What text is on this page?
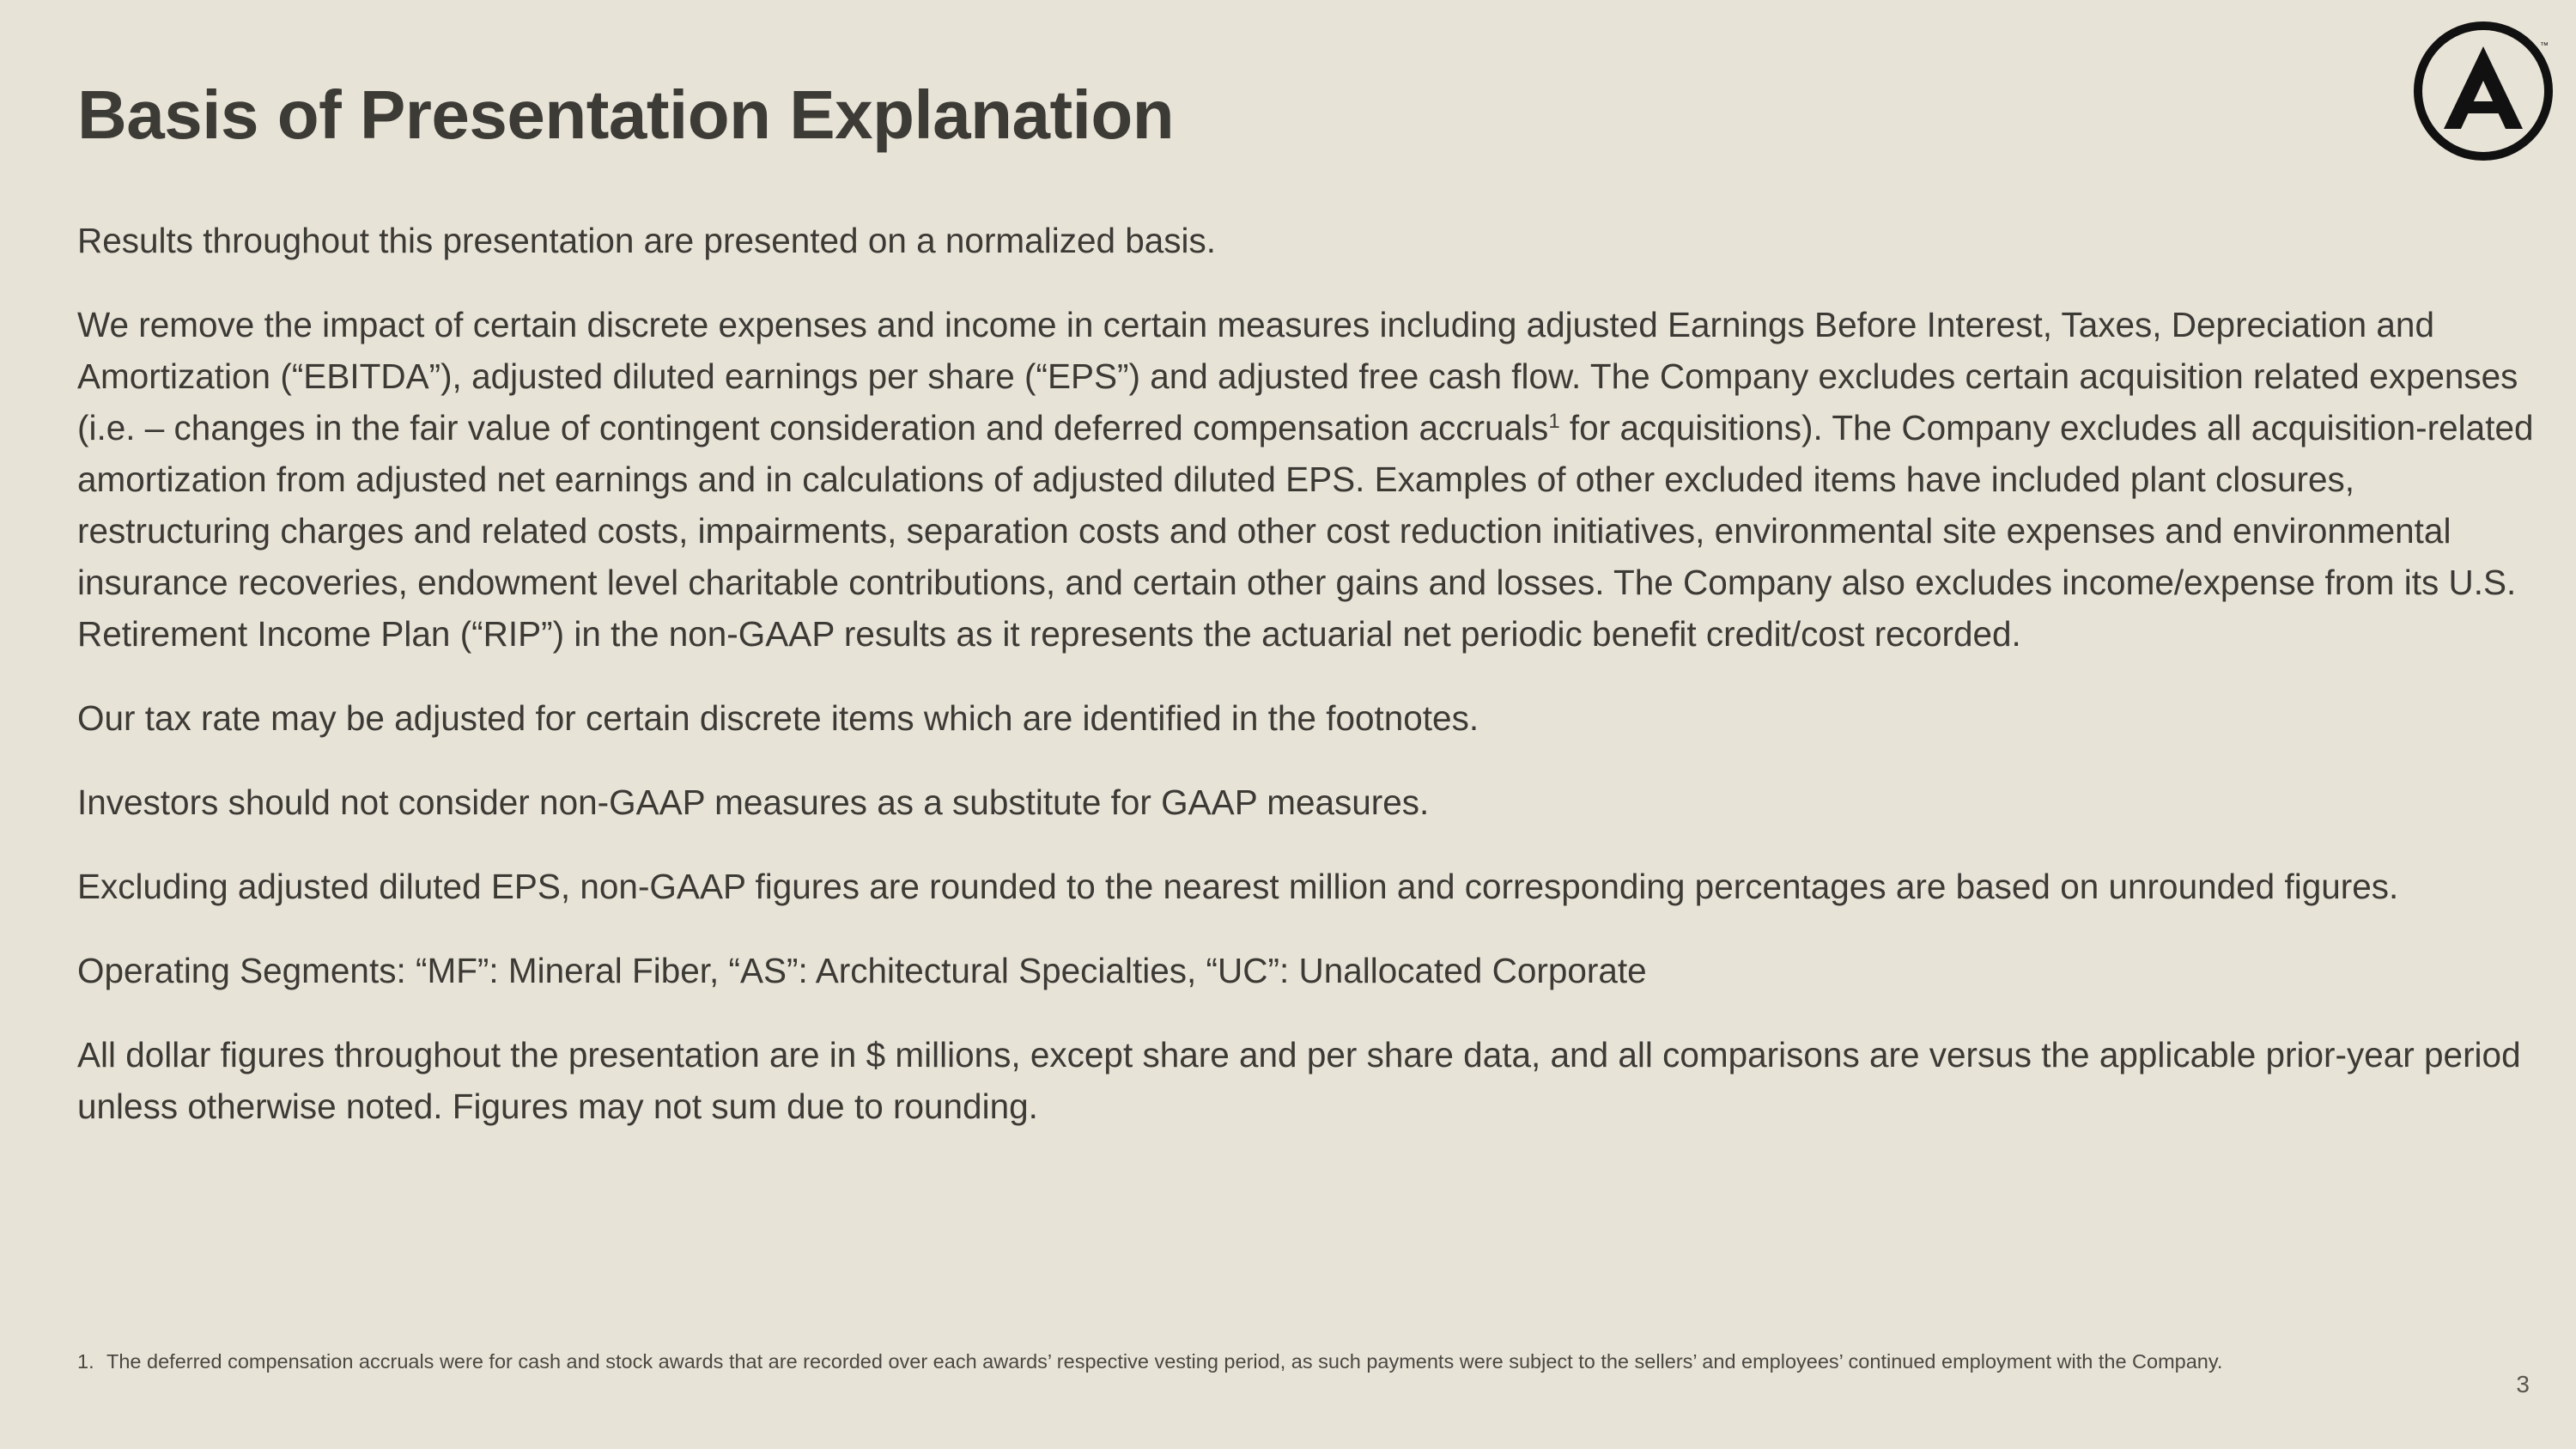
Basis of Presentation Explanation
™

Results throughout this presentation are presented on a normalized basis.

We remove the impact of certain discrete expenses and income in certain measures including adjusted Earnings Before Interest, Taxes, Depreciation and Amortization (“EBITDA”), adjusted diluted earnings per share (“EPS”) and adjusted free cash flow. The Company excludes certain acquisition related expenses (i.e. – changes in the fair value of contingent consideration and deferred compensation accruals$^1$ for acquisitions). The Company excludes all acquisition-related amortization from adjusted net earnings and in calculations of adjusted diluted EPS. Examples of other excluded items have included plant closures, restructuring charges and related costs, impairments, separation costs and other cost reduction initiatives, environmental site expenses and environmental insurance recoveries, endowment level charitable contributions, and certain other gains and losses. The Company also excludes income/expense from its U.S. Retirement Income Plan (“RIP”) in the non-GAAP results as it represents the actuarial net periodic benefit credit/cost recorded.

Our tax rate may be adjusted for certain discrete items which are identified in the footnotes.

Investors should not consider non-GAAP measures as a substitute for GAAP measures.

Excluding adjusted diluted EPS, non-GAAP figures are rounded to the nearest million and corresponding percentages are based on unrounded figures.

Operating Segments: “MF”: Mineral Fiber, “AS”: Architectural Specialties, “UC”: Unallocated Corporate

All dollar figures throughout the presentation are in $ millions, except share and per share data, and all comparisons are versus the applicable prior-year period unless otherwise noted. Figures may not sum due to rounding.

1. The deferred compensation accruals were for cash and stock awards that are recorded over each awards’ respective vesting period, as such payments were subject to the sellers’ and employees’ continued employment with the Company.
3
